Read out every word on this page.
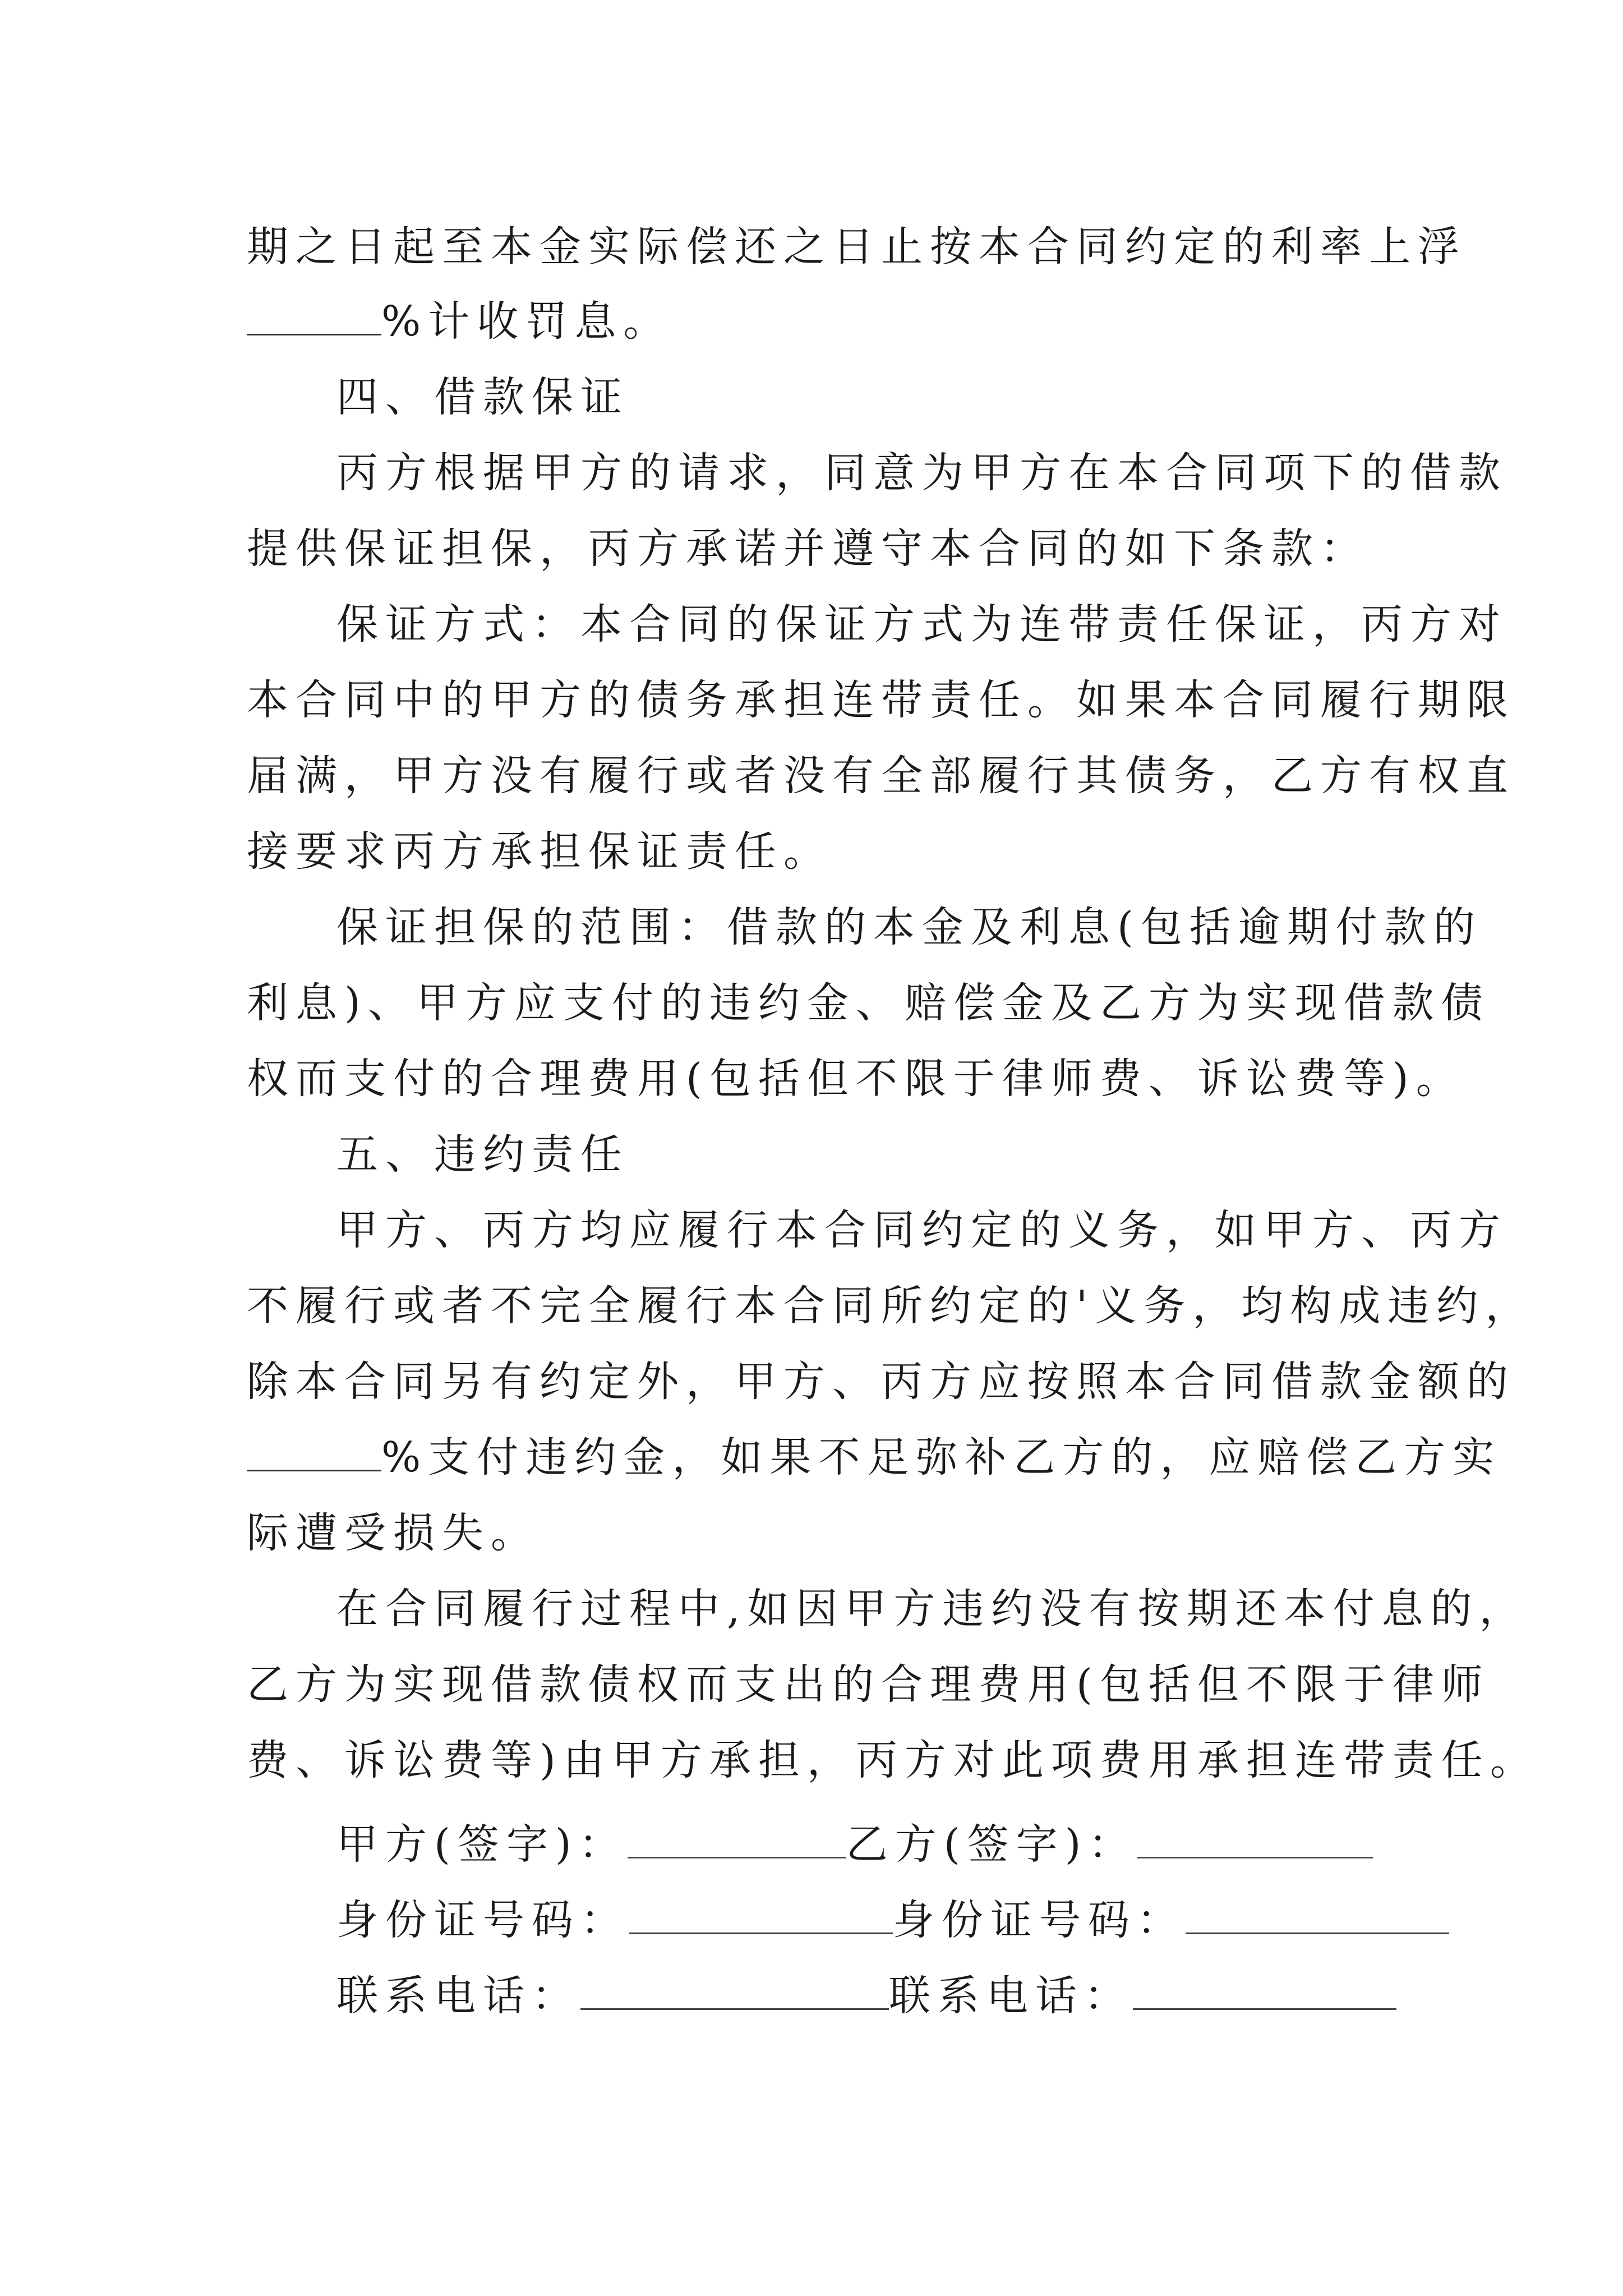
期之日起至本金实际偿还之日止按本合同约定的利率上浮
%计收罚息。
四、借款保证
丙方根据甲方的请求，同意为甲方在本合同项下的借款
提供保证担保，丙方承诺并遵守本合同的如下条款：
保证方式：本合同的保证方式为连带责任保证，丙方对
本合同中的甲方的债务承担连带责任。如果本合同履行期限
届满，甲方没有履行或者没有全部履行其债务，乙方有权直
接要求丙方承担保证责任。
保证担保的范围：借款的本金及利息(包括逾期付款的
利息)、甲方应支付的违约金、赔偿金及乙方为实现借款债
权而支付的合理费用(包括但不限于律师费、诉讼费等)。
五、违约责任
甲方、丙方均应履行本合同约定的义务，如甲方、丙方
不履行或者不完全履行本合同所约定的'义务，均构成违约，
除本合同另有约定外，甲方、丙方应按照本合同借款金额的
%支付违约金，如果不足弥补乙方的，应赔偿乙方实
际遭受损失。
在合同履行过程中,如因甲方违约没有按期还本付息的，
乙方为实现借款债权而支出的合理费用(包括但不限于律师
费、诉讼费等)由甲方承担，丙方对此项费用承担连带责任。
甲方(签字)：	乙方(签字)：
身份证号码：	身份证号码：
联系电话：	联系电话：
